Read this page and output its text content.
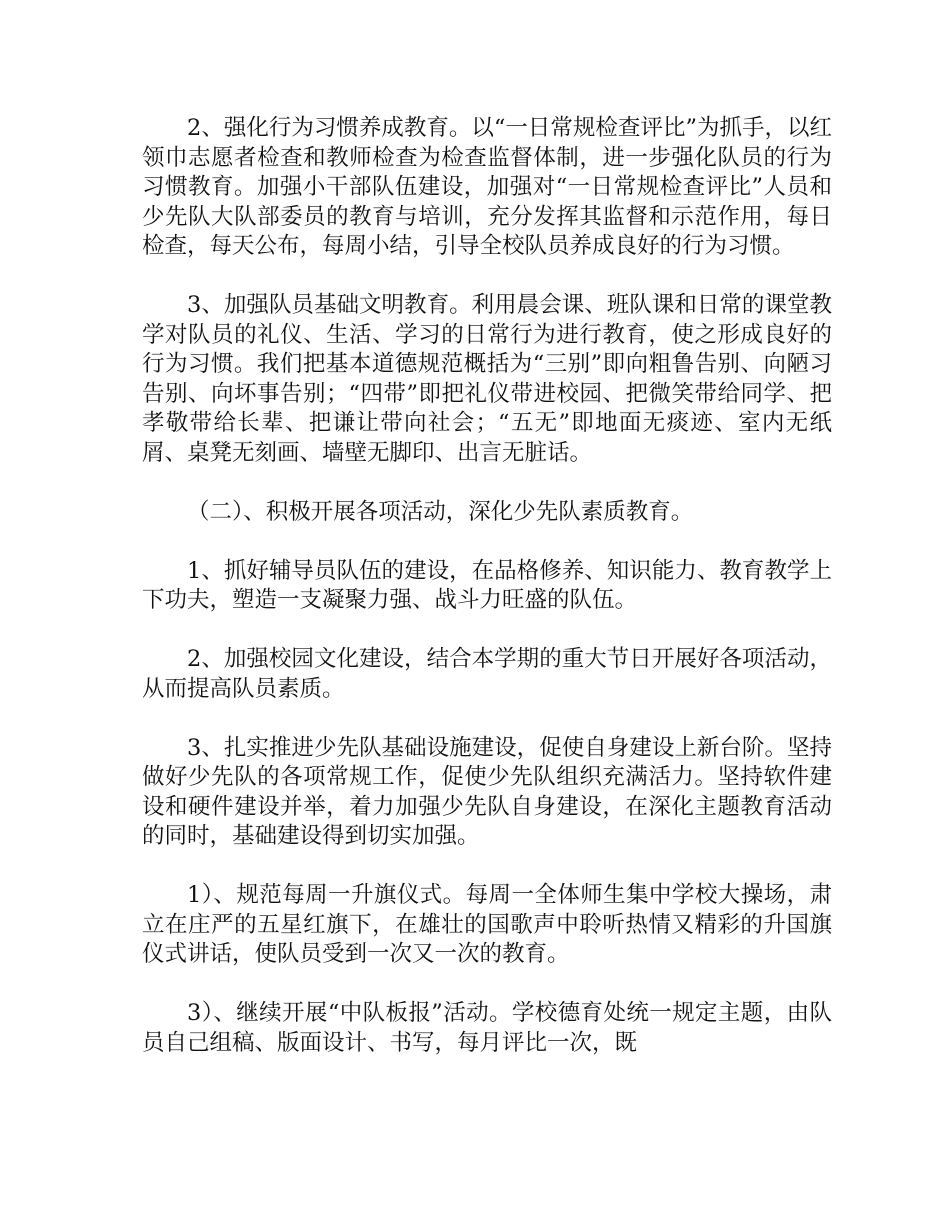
2、强化行为习惯养成教育。以“一日常规检查评比”为抓手，以红领巾志愿者检查和教师检查为检查监督体制，进一步强化队员的行为习惯教育。加强小干部队伍建设，加强对“一日常规检查评比”人员和少先队大队部委员的教育与培训，充分发挥其监督和示范作用，每日检查，每天公布，每周小结，引导全校队员养成良好的行为习惯。

3、加强队员基础文明教育。利用晨会课、班队课和日常的课堂教学对队员的礼仪、生活、学习的日常行为进行教育，使之形成良好的行为习惯。我们把基本道德规范概括为“三别”即向粗鲁告别、向陋习告别、向坏事告别；“四带”即把礼仪带进校园、把微笑带给同学、把孝敬带给长辈、把谦让带向社会；“五无”即地面无痰迹、室内无纸屑、桌凳无刻画、墙壁无脚印、出言无脏话。

（二）、积极开展各项活动，深化少先队素质教育。

1、抓好辅导员队伍的建设，在品格修养、知识能力、教育教学上下功夫，塑造一支凝聚力强、战斗力旺盛的队伍。

2、加强校园文化建设，结合本学期的重大节日开展好各项活动，从而提高队员素质。

3、扎实推进少先队基础设施建设，促使自身建设上新台阶。坚持做好少先队的各项常规工作，促使少先队组织充满活力。坚持软件建设和硬件建设并举，着力加强少先队自身建设，在深化主题教育活动的同时，基础建设得到切实加强。

1）、规范每周一升旗仪式。每周一全体师生集中学校大操场，肃立在庄严的五星红旗下，在雄壮的国歌声中聆听热情又精彩的升国旗仪式讲话，使队员受到一次又一次的教育。

3）、继续开展“中队板报”活动。学校德育处统一规定主题，由队员自己组稿、版面设计、书写，每月评比一次，既
